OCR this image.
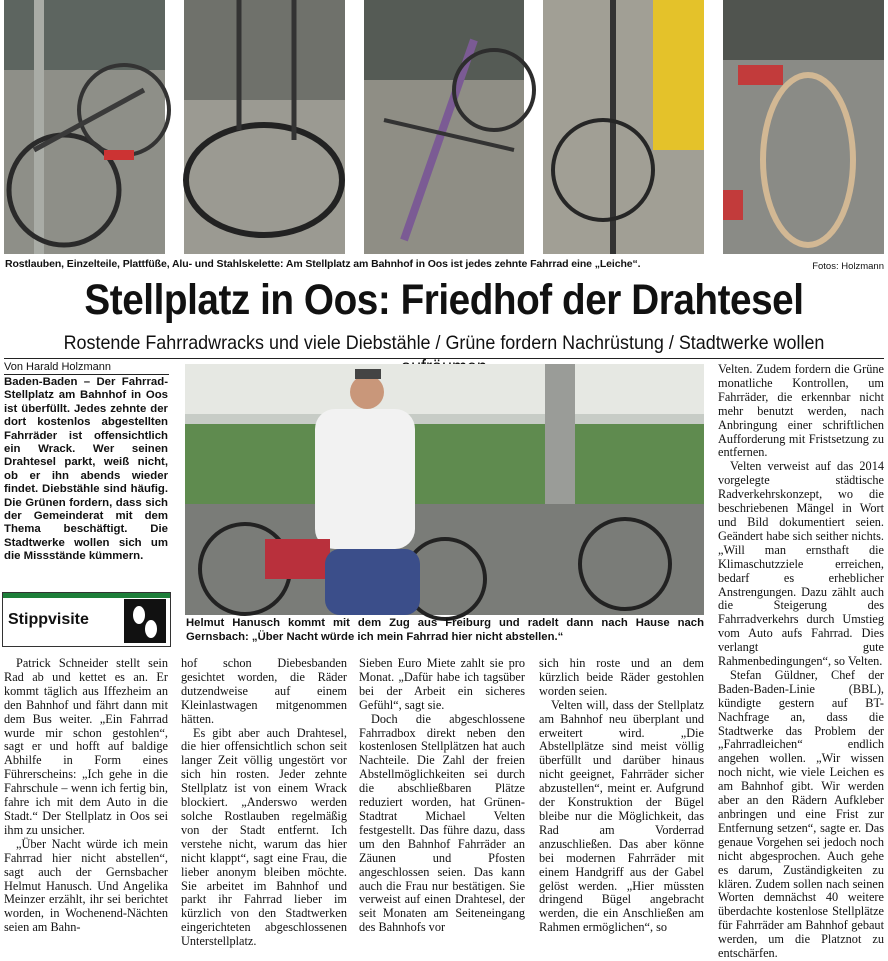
Rostlauben, Einzelteile, Plattfüße, Alu- und Stahlskelette: Am Stellplatz am Bahnhof in Oos ist jedes zehnte Fahrrad eine „Leiche“.	Fotos: Holzmann
Stellplatz in Oos: Friedhof der Drahtesel
Rostende Fahrradwracks und viele Diebstähle / Grüne fordern Nachrüstung / Stadtwerke wollen
Von Harald Holzmann
Baden-Baden – Der Fahrrad-Stellplatz am Bahnhof in Oos ist überfüllt. Jedes zehnte der dort kostenlos abgestellten Fahrräder ist offensichtlich ein Wrack. Wer seinen Drahtesel parkt, weiß nicht, ob er ihn abends wieder findet. Diebstähle sind häufig. Die Grünen fordern, dass sich der Gemeinderat mit dem Thema beschäftigt. Die Stadtwerke wollen sich um die Missstände kümmern.
Stippvisite	Helmut Hanusch kommt mit dem Zug aus Freiburg und radelt dann nach Hause nach Gernsbach: „Über Nacht würde ich mein Fahrrad hier nicht abstellen.“

Velten. Zudem fordern die Grüne monatliche Kontrollen, um Fahrräder, die erkennbar nicht mehr benutzt werden, nach Anbringung einer schriftlichen Aufforderung mit Fristsetzung zu entfernen.

Velten verweist auf das 2014 vorgelegte städtische Radverkehrskonzept, wo die beschriebenen Mängel in Wort und Bild dokumentiert seien. Geändert habe sich seither nichts. „Will man ernsthaft die Klimaschutzziele erreichen, bedarf es erheblicher Anstrengungen. Dazu zählt auch die Steigerung des Fahrradverkehrs durch Umstieg vom Auto aufs Fahrrad. Dies verlangt gute Rahmenbedingungen“, so Velten.

Stefan Güldner, Chef der Baden-Baden-Linie (BBL), kündigte gestern auf BT-Nachfrage an, dass die Stadtwerke das Problem der „Fahrradleichen“ endlich angehen wollen. „Wir wissen noch nicht, wie viele Leichen es am Bahnhof gibt. Wir werden aber an den Rädern Aufkleber anbringen und eine Frist zur Entfernung setzen“, sagte er. Das genaue Vorgehen sei jedoch noch nicht abgesprochen. Auch gehe es darum, Zuständigkeiten zu klären. Zudem sollen nach seinen Worten demnächst 40 weitere überdachte kostenlose Stellplätze für Fahrräder am Bahnhof gebaut werden, um die Platznot zu entschärfen.

Patrick Schneider stellt sein Rad ab und kettet es an. Er kommt täglich aus Iffezheim an den Bahnhof und fährt dann mit dem Bus weiter. „Ein Fahrrad wurde mir schon gestohlen“, sagt er und hofft auf baldige Abhilfe in Form eines Führerscheins: „Ich gehe in die Fahrschule – wenn ich fertig bin, fahre ich mit dem Auto in die Stadt.“ Der Stellplatz in Oos sei ihm zu unsicher.

„Über Nacht würde ich mein Fahrrad hier nicht abstellen“, sagt auch der Gernsbacher Helmut Hanusch. Und Angelika Meinzer erzählt, ihr sei berichtet worden, in Wochenend-Nächten seien am Bahn-

hof schon Diebesbanden gesichtet worden, die Räder dutzendweise auf einem Kleinlastwagen mitgenommen hätten.

Es gibt aber auch Drahtesel, die hier offensichtlich schon seit langer Zeit völlig ungestört vor sich hin rosten. Jeder zehnte Stellplatz ist von einem Wrack blockiert. „Anderswo werden solche Rostlauben regelmäßig von der Stadt entfernt. Ich verstehe nicht, warum das hier nicht klappt“, sagt eine Frau, die lieber anonym bleiben möchte. Sie arbeitet im Bahnhof und parkt ihr Fahrrad lieber im kürzlich von den Stadtwerken eingerichteten abgeschlossenen Unterstellplatz.

Sieben Euro Miete zahlt sie pro Monat. „Dafür habe ich tagsüber bei der Arbeit ein sicheres Gefühl“, sagt sie.

Doch die abgeschlossene Fahrradbox direkt neben den kostenlosen Stellplätzen hat auch Nachteile. Die Zahl der freien Abstellmöglichkeiten sei durch die abschließbaren Plätze reduziert worden, hat Grünen-Stadtrat Michael Velten festgestellt. Das führe dazu, dass um den Bahnhof Fahrräder an Zäunen und Pfosten angeschlossen seien. Das kann auch die Frau nur bestätigen. Sie verweist auf einen Drahtesel, der seit Monaten am Seiteneingang des Bahnhofs vor

sich hin roste und an dem kürzlich beide Räder gestohlen worden seien.

Velten will, dass der Stellplatz am Bahnhof neu überplant und erweitert wird. „Die Abstellplätze sind meist völlig überfüllt und darüber hinaus nicht geeignet, Fahrräder sicher abzustellen“, meint er. Aufgrund der Konstruktion der Bügel bleibe nur die Möglichkeit, das Rad am Vorderrad anzuschließen. Das aber könne bei modernen Fahrräder mit einem Handgriff aus der Gabel gelöst werden. „Hier müssten dringend Bügel angebracht werden, die ein Anschließen am Rahmen ermöglichen“, so
